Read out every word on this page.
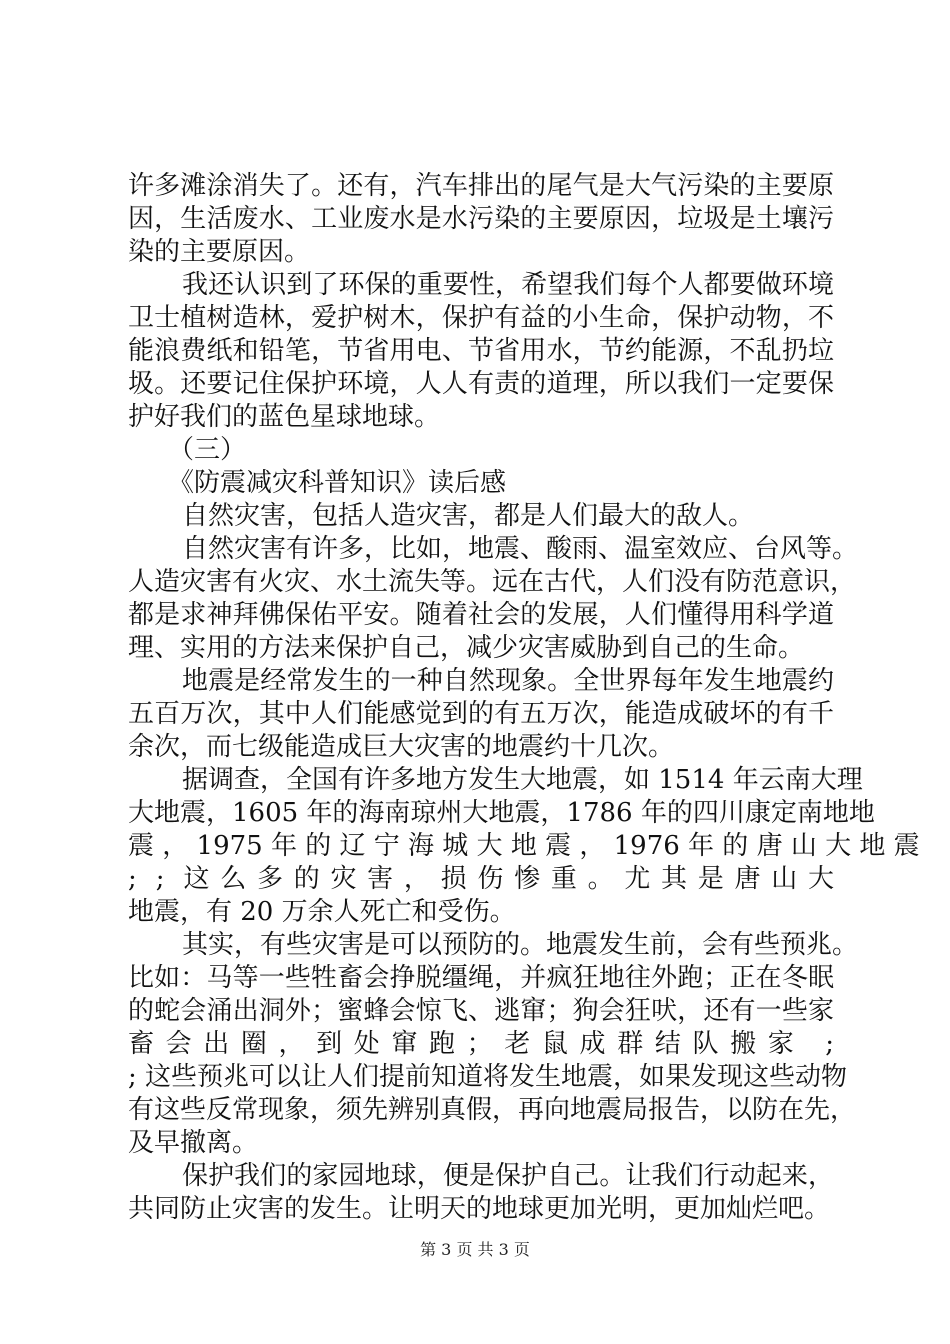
许多滩涂消失了。还有，汽车排出的尾气是大气污染的主要原
因，生活废水、工业废水是水污染的主要原因，垃圾是土壤污
染的主要原因。
我还认识到了环保的重要性，希望我们每个人都要做环境
卫士植树造林，爱护树木，保护有益的小生命，保护动物，不
能浪费纸和铅笔，节省用电、节省用水，节约能源，不乱扔垃
圾。还要记住保护环境，人人有责的道理，所以我们一定要保
护好我们的蓝色星球地球。
（三）
《防震减灾科普知识》读后感
自然灾害，包括人造灾害，都是人们最大的敌人。
自然灾害有许多，比如，地震、酸雨、温室效应、台风等。
人造灾害有火灾、水土流失等。远在古代，人们没有防范意识，
都是求神拜佛保佑平安。随着社会的发展，人们懂得用科学道
理、实用的方法来保护自己，减少灾害威胁到自己的生命。
地震是经常发生的一种自然现象。全世界每年发生地震约
五百万次，其中人们能感觉到的有五万次，能造成破坏的有千
余次，而七级能造成巨大灾害的地震约十几次。
据调查，全国有许多地方发生大地震，如 1514 年云南大理
大地震，1605 年的海南琼州大地震，1786 年的四川康定南地地
震 ， 1975 年 的 辽 宁 海 城 大 地 震 ， 1976 年 的 唐 山 大 地 震
; ; 这么多的灾害，损伤惨重。尤其是唐山大
地震，有 20 万余人死亡和受伤。
其实，有些灾害是可以预防的。地震发生前，会有些预兆。
比如：马等一些牲畜会挣脱缰绳，并疯狂地往外跑；正在冬眠
的蛇会涌出洞外；蜜蜂会惊飞、逃窜；狗会狂吠，还有一些家
畜会出圈，到处窜跑；老鼠成群结队搬家 ;
; 这些预兆可以让人们提前知道将发生地震，如果发现这些动物
有这些反常现象，须先辨别真假，再向地震局报告，以防在先，
及早撤离。
保护我们的家园地球，便是保护自己。让我们行动起来，
共同防止灾害的发生。让明天的地球更加光明，更加灿烂吧。
第 3 页 共 3 页
